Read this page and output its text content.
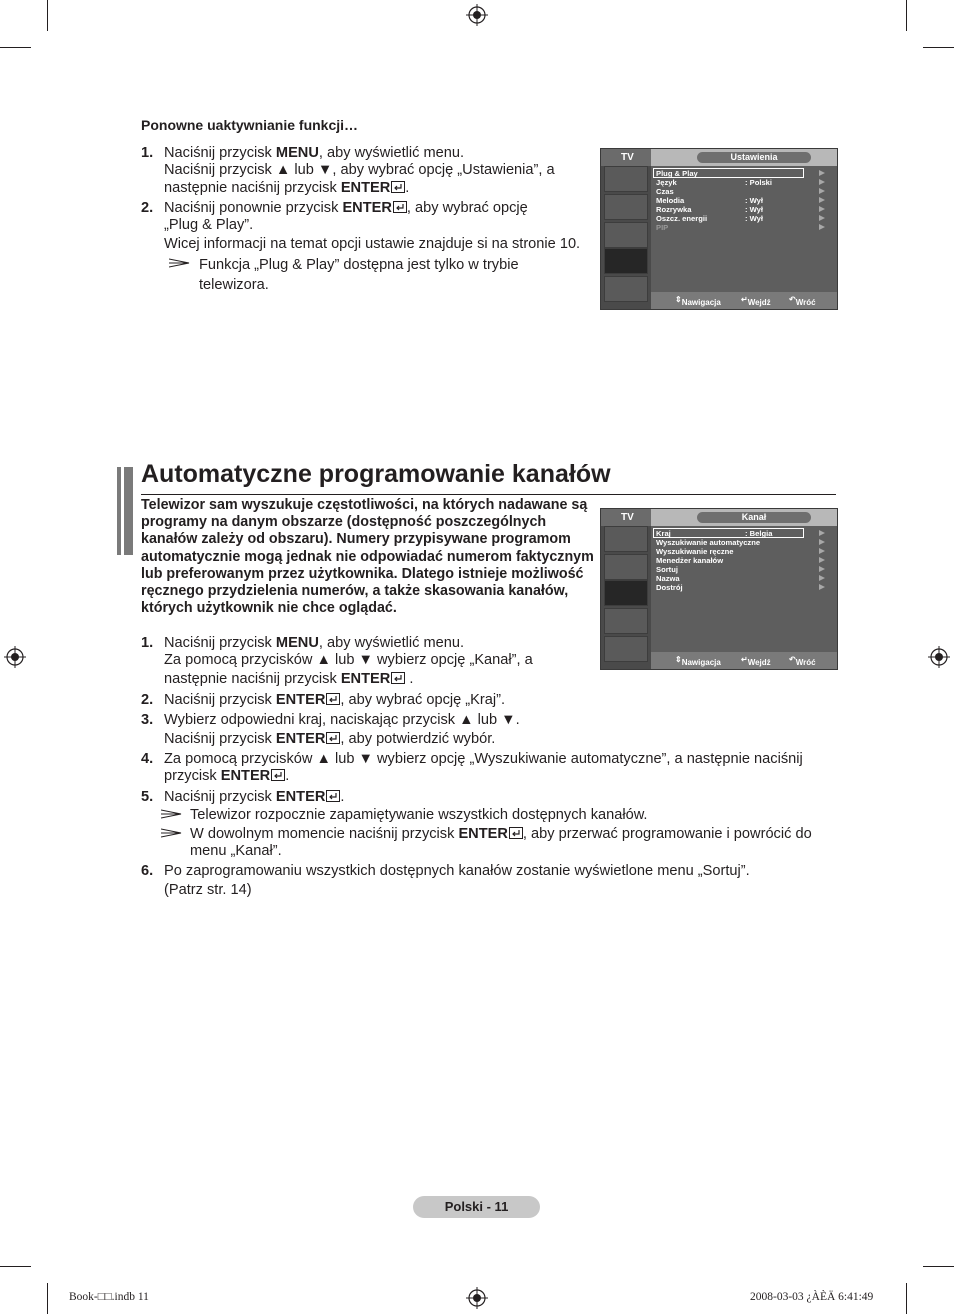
Ponowne uaktywnianie funkcji…
1. Naciśnij przycisk MENU, aby wyświetlić menu.
Naciśnij przycisk ▲ lub ▼, aby wybrać opcję „Ustawienia”, a
następnie naciśnij przycisk ENTER .
2. Naciśnij ponownie przycisk ENTER , aby wybrać opcję
„Plug & Play”.
Wicej informacji na temat opcji ustawie znajduje si na stronie 10.
Funkcja „Plug & Play” dostępna jest tylko w trybie
telewizora.
TV	Ustawienia
Plug & Play
Język	: Polski
Czas
Melodia	: Wył
Rozrywka	: Wył
Oszcz. energii	: Wył
PIP
⇕ Nawigacja	↵ Wejdź ↶ Wróć
Automatyczne programowanie kanałów
Telewizor sam wyszukuje częstotliwości, na których nadawane są programy na danym obszarze (dostępność poszczególnych kanałów zależy od obszaru). Numery przypisywane programom automatycznie mogą jednak nie odpowiadać numerom faktycznym lub preferowanym przez użytkownika. Dlatego istnieje możliwość ręcznego przydzielenia numerów, a także skasowania kanałów, których użytkownik nie chce oglądać.
1. Naciśnij przycisk MENU, aby wyświetlić menu.
Za pomocą przycisków ▲ lub ▼ wybierz opcję „Kanał”, a
następnie naciśnij przycisk ENTER .
2. Naciśnij przycisk ENTER , aby wybrać opcję „Kraj”.
3. Wybierz odpowiedni kraj, naciskając przycisk ▲ lub ▼.
Naciśnij przycisk ENTER , aby potwierdzić wybór.
4. Za pomocą przycisków ▲ lub ▼ wybierz opcję „Wyszukiwanie automatyczne”, a następnie naciśnij
przycisk ENTER .
5. Naciśnij przycisk ENTER .
Telewizor rozpocznie zapamiętywanie wszystkich dostępnych kanałów.
W dowolnym momencie naciśnij przycisk ENTER , aby przerwać programowanie i powrócić do
menu „Kanał”.
6. Po zaprogramowaniu wszystkich dostępnych kanałów zostanie wyświetlone menu „Sortuj”.
(Patrz str. 14)
TV	Kanał
Kraj	: Belgia
Wyszukiwanie automatyczne
Wyszukiwanie ręczne
Menedżer kanałów
Sortuj
Nazwa
Dostrój
⇕ Nawigacja	↵ Wejdź ↶ Wróć
Polski - 11
Book-□□.indb 11	2008-03-03 ¿ÀÈÄ 6:41:49
